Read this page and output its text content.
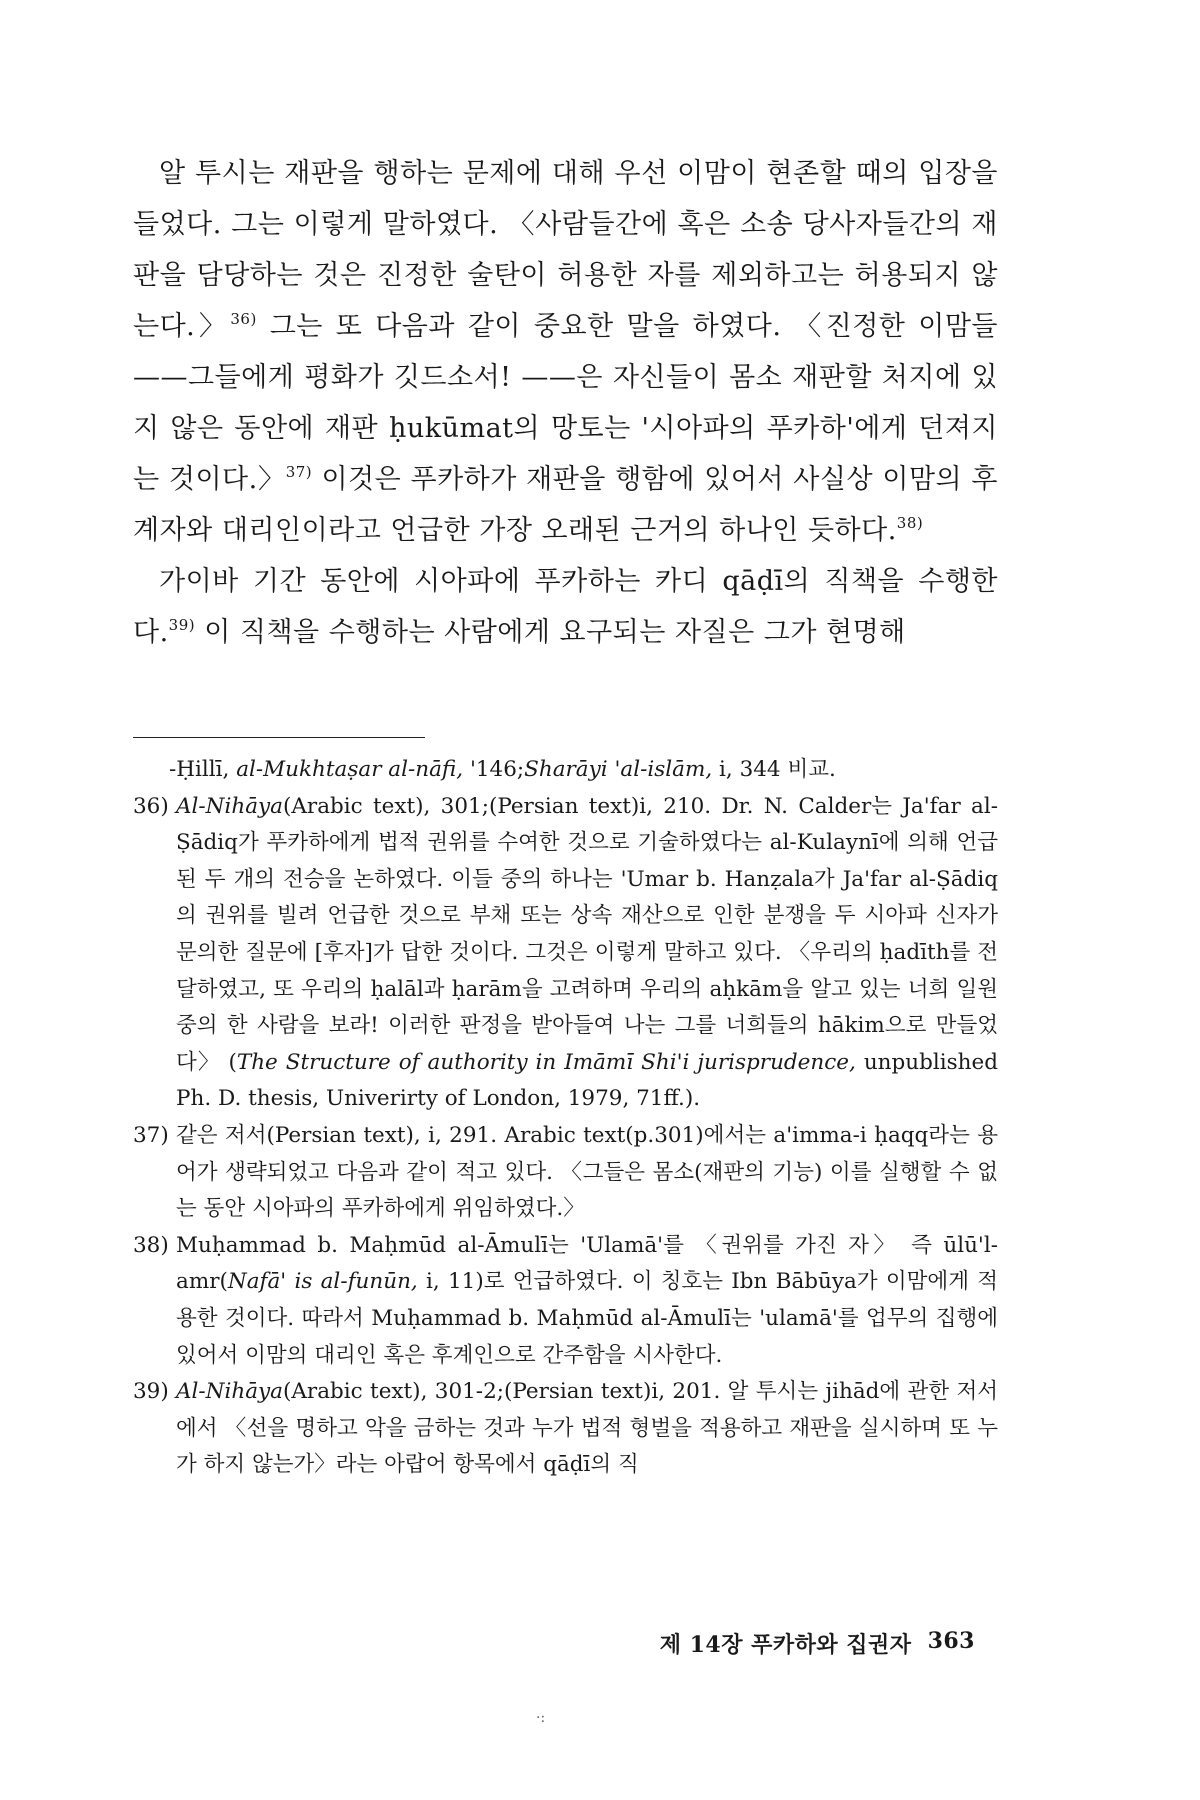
알 투시는 재판을 행하는 문제에 대해 우선 이맘이 현존할 때의 입장을 들었다. 그는 이렇게 말하였다. 〈사람들간에 혹은 소송 당사자들간의 재판을 담당하는 것은 진정한 술탄이 허용한 자를 제외하고는 허용되지 않는다.〉$^{36)}$ 그는 또 다음과 같이 중요한 말을 하였다. 〈진정한 이맘들——그들에게 평화가 깃드소서! ——은 자신들이 몸소 재판할 처지에 있지 않은 동안에 재판 ḥukūmat의 망토는 '시아파의 푸카하'에게 던져지는 것이다.〉$^{37)}$ 이것은 푸카하가 재판을 행함에 있어서 사실상 이맘의 후계자와 대리인이라고 언급한 가장 오래된 근거의 하나인 듯하다.$^{38)}$

가이바 기간 동안에 시아파에 푸카하는 카디 qāḍī의 직책을 수행한다.$^{39)}$ 이 직책을 수행하는 사람에게 요구되는 자질은 그가 현명해

-Ḥillī, al-Mukhtaṣar al-nāfi, '146;Sharāyi 'al-islām, i, 344 비교.
36) Al-Nihāya(Arabic text), 301;(Persian text)i, 210. Dr. N. Calder는 Ja'far al-Ṣādiq가 푸카하에게 법적 권위를 수여한 것으로 기술하였다는 al-Kulaynī에 의해 언급된 두 개의 전승을 논하였다. 이들 중의 하나는 'Umar b. Hanẓala가 Ja'far al-Ṣādiq의 권위를 빌려 언급한 것으로 부채 또는 상속 재산으로 인한 분쟁을 두 시아파 신자가 문의한 질문에 [후자]가 답한 것이다. 그것은 이렇게 말하고 있다. 〈우리의 ḥadīth를 전달하였고, 또 우리의 ḥalāl과 ḥarām을 고려하며 우리의 aḥkām을 알고 있는 너희 일원 중의 한 사람을 보라! 이러한 판정을 받아들여 나는 그를 너희들의 hākim으로 만들었다〉 (The Structure of authority in Imāmī Shi'i jurisprudence, unpublished Ph. D. thesis, Univerirty of London, 1979, 71ff.).
37) 같은 저서(Persian text), i, 291. Arabic text(p.301)에서는 a'imma-i ḥaqq라는 용어가 생략되었고 다음과 같이 적고 있다. 〈그들은 몸소(재판의 기능) 이를 실행할 수 없는 동안 시아파의 푸카하에게 위임하였다.〉
38) Muḥammad b. Maḥmūd al-Āmulī는 'Ulamā'를 〈권위를 가진 자〉 즉 ūlū'l-amr(Nafā' is al-funūn, i, 11)로 언급하였다. 이 칭호는 Ibn Bābūya가 이맘에게 적용한 것이다. 따라서 Muḥammad b. Maḥmūd al-Āmulī는 'ulamā'를 업무의 집행에 있어서 이맘의 대리인 혹은 후계인으로 간주함을 시사한다.
39) Al-Nihāya(Arabic text), 301-2;(Persian text)i, 201. 알 투시는 jihād에 관한 저서에서 〈선을 명하고 악을 금하는 것과 누가 법적 형벌을 적용하고 재판을 실시하며 또 누가 하지 않는가〉라는 아랍어 항목에서 qāḍī의 직
제 14장 푸카하와 집권자 363
·:
